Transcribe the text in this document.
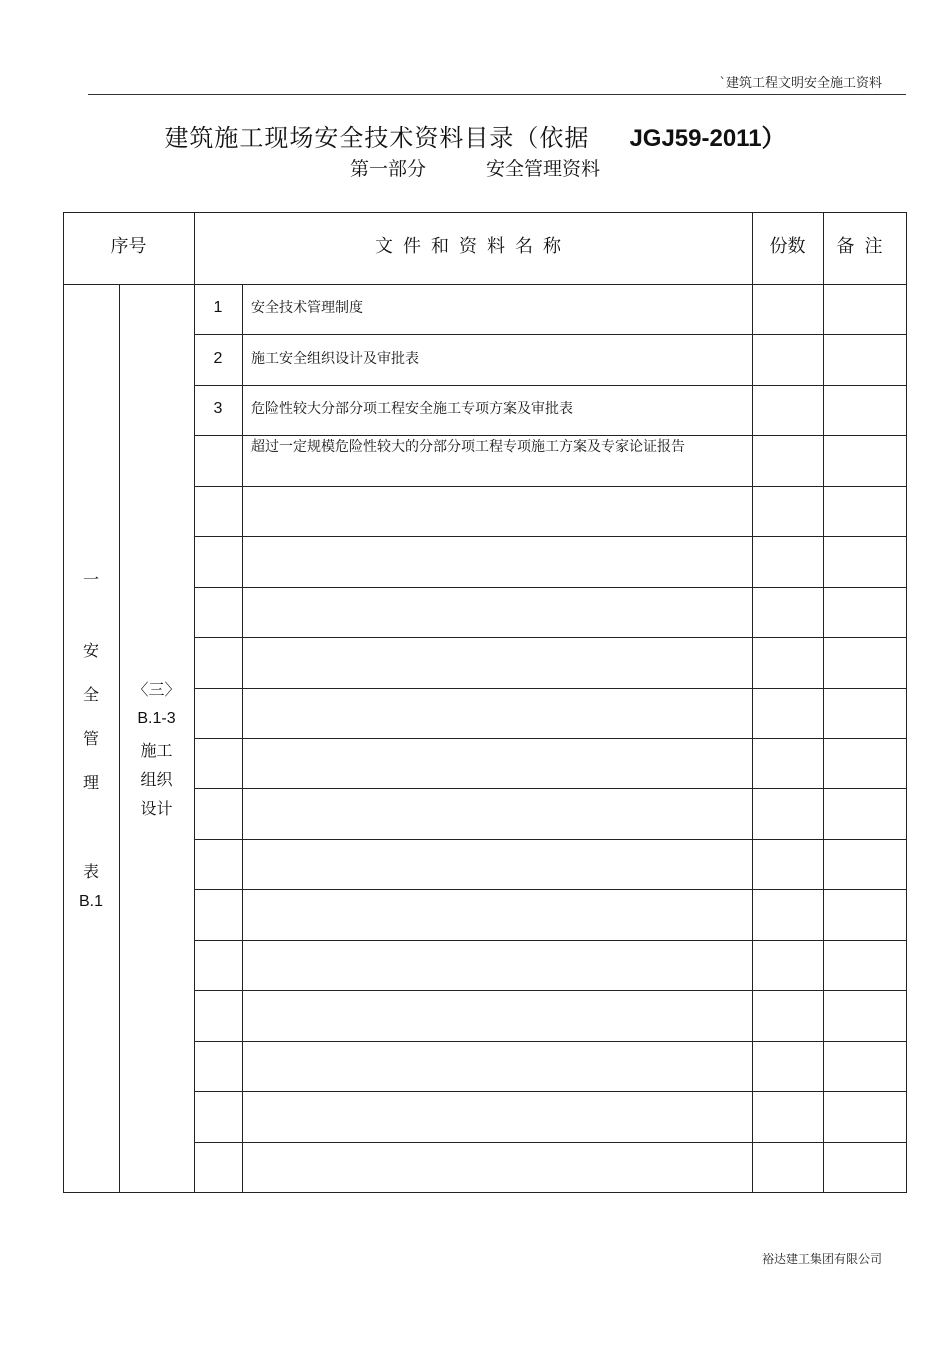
`建筑工程文明安全施工资料
建筑施工现场安全技术资料目录（依据 JGJ59-2011）
第一部分	安全管理资料
序号	文件和资料名称	份数	备注
一
安
全
管
理
表
B.1
〈三〉
B.1-3
施工
组织
设计
1	安全技术管理制度
2	施工安全组织设计及审批表
3	危险性较大分部分项工程安全施工专项方案及审批表
超过一定规模危险性较大的分部分项工程专项施工方案及专家论证报告
裕达建工集团有限公司
